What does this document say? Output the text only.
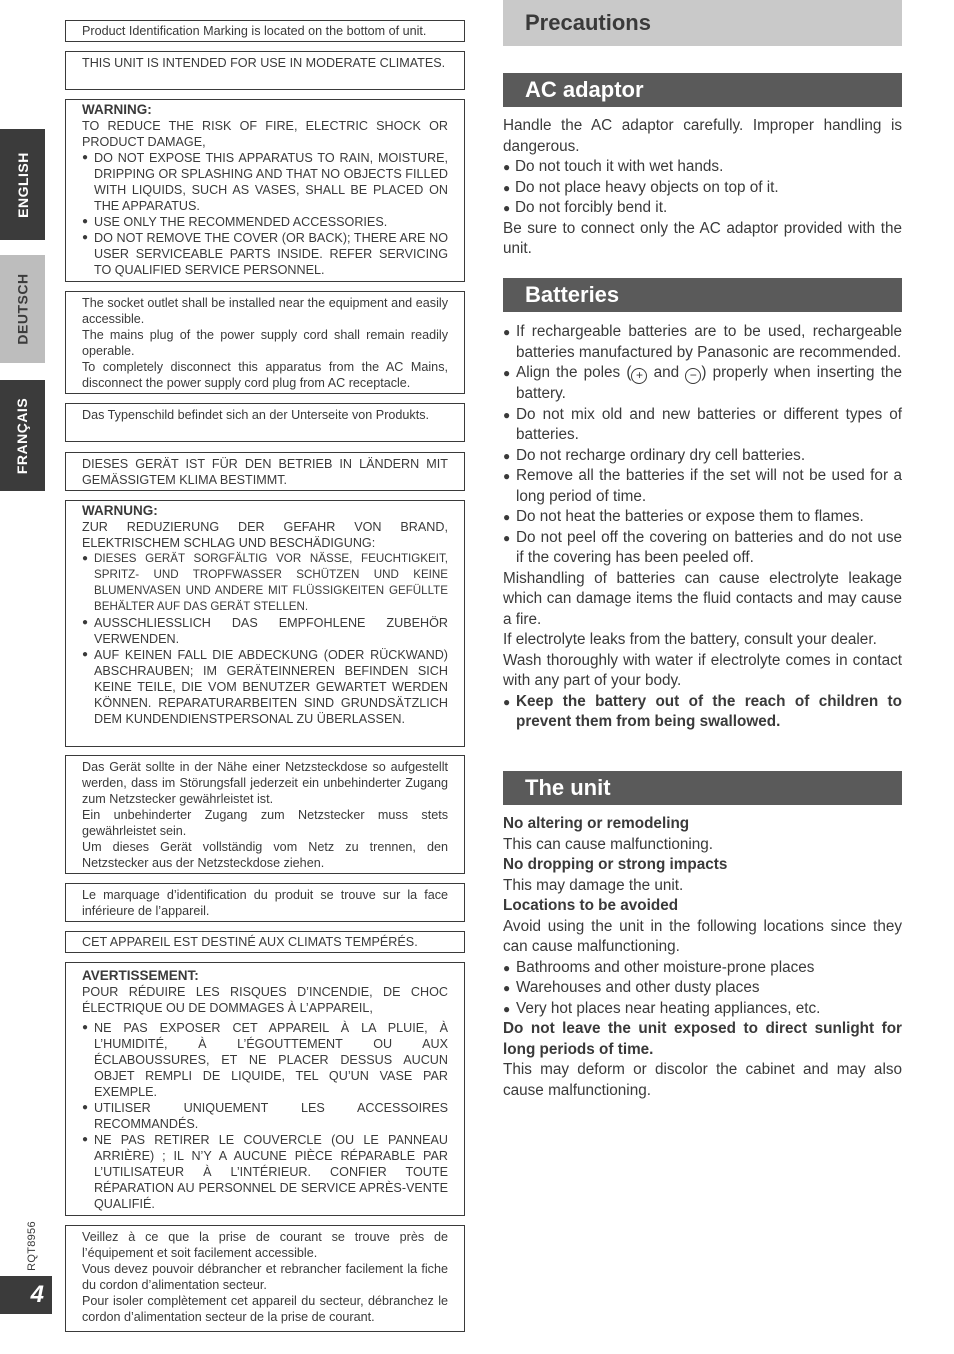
ENGLISH
DEUTSCH
FRANÇAIS
RQT8956
4

Product Identification Marking is located on the bottom of unit.

THIS UNIT IS INTENDED FOR USE IN MODERATE CLIMATES.

WARNING:

TO REDUCE THE RISK OF FIRE, ELECTRIC SHOCK OR PRODUCT DAMAGE,

● DO NOT EXPOSE THIS APPARATUS TO RAIN, MOISTURE, DRIPPING OR SPLASHING AND THAT NO OBJECTS FILLED WITH LIQUIDS, SUCH AS VASES, SHALL BE PLACED ON THE APPARATUS.

● USE ONLY THE RECOMMENDED ACCESSORIES.

● DO NOT REMOVE THE COVER (OR BACK); THERE ARE NO USER SERVICEABLE PARTS INSIDE. REFER SERVICING TO QUALIFIED SERVICE PERSONNEL.

The socket outlet shall be installed near the equipment and easily accessible.

The mains plug of the power supply cord shall remain readily operable.

To completely disconnect this apparatus from the AC Mains, disconnect the power supply cord plug from AC receptacle.

Das Typenschild befindet sich an der Unterseite von Produkts.

DIESES GERÄT IST FÜR DEN BETRIEB IN LÄNDERN MIT GEMÄSSIGTEM KLIMA BESTIMMT.

WARNUNG:

ZUR REDUZIERUNG DER GEFAHR VON BRAND, ELEKTRISCHEM SCHLAG UND BESCHÄDIGUNG:

● DIESES GERÄT SORGFÄLTIG VOR NÄSSE, FEUCHTIGKEIT, SPRITZ- UND TROPFWASSER SCHÜTZEN UND KEINE BLUMENVASEN UND ANDERE MIT FLÜSSIGKEITEN GEFÜLLTE BEHÄLTER AUF DAS GERÄT STELLEN.

● AUSSCHLIESSLICH DAS EMPFOHLENE ZUBEHÖR VERWENDEN.

● AUF KEINEN FALL DIE ABDECKUNG (ODER RÜCKWAND) ABSCHRAUBEN; IM GERÄTEINNEREN BEFINDEN SICH KEINE TEILE, DIE VOM BENUTZER GEWARTET WERDEN KÖNNEN. REPARATURARBEITEN SIND GRUNDSÄTZLICH DEM KUNDENDIENSTPERSONAL ZU ÜBERLASSEN.

Das Gerät sollte in der Nähe einer Netzsteckdose so aufgestellt werden, dass im Störungsfall jederzeit ein unbehinderter Zugang zum Netzstecker gewährleistet ist.

Ein unbehinderter Zugang zum Netzstecker muss stets gewährleistet sein.

Um dieses Gerät vollständig vom Netz zu trennen, den Netzstecker aus der Netzsteckdose ziehen.

Le marquage d’identification du produit se trouve sur la face inférieure de l’appareil.

CET APPAREIL EST DESTINÉ AUX CLIMATS TEMPÉRÉS.

AVERTISSEMENT:

POUR RÉDUIRE LES RISQUES D’INCENDIE, DE CHOC ÉLECTRIQUE OU DE DOMMAGES À L’APPAREIL,

● NE PAS EXPOSER CET APPAREIL À LA PLUIE, À L’HUMIDITÉ, À L’ÉGOUTTEMENT OU AUX ÉCLABOUSSURES, ET NE PLACER DESSUS AUCUN OBJET REMPLI DE LIQUIDE, TEL QU’UN VASE PAR EXEMPLE.

● UTILISER UNIQUEMENT LES ACCESSOIRES RECOMMANDÉS.

● NE PAS RETIRER LE COUVERCLE (OU LE PANNEAU ARRIÈRE) ; IL N’Y A AUCUNE PIÈCE RÉPARABLE PAR L’UTILISATEUR À L’INTÉRIEUR. CONFIER TOUTE RÉPARATION AU PERSONNEL DE SERVICE APRÈS-VENTE QUALIFIÉ.

Veillez à ce que la prise de courant se trouve près de l’équipement et soit facilement accessible.

Vous devez pouvoir débrancher et rebrancher facilement la fiche du cordon d’alimentation secteur.

Pour isoler complètement cet appareil du secteur, débranchez le cordon d’alimentation secteur de la prise de courant.

Precautions
AC adaptor
Batteries
The unit

Handle the AC adaptor carefully. Improper handling is dangerous.

● Do not touch it with wet hands.

● Do not place heavy objects on top of it.

● Do not forcibly bend it.

Be sure to connect only the AC adaptor provided with the unit.

● If rechargeable batteries are to be used, rechargeable batteries manufactured by Panasonic are recommended.

● Align the poles ( + and − ) properly when inserting the battery.

● Do not mix old and new batteries or different types of batteries.

● Do not recharge ordinary dry cell batteries.

● Remove all the batteries if the set will not be used for a long period of time.

● Do not heat the batteries or expose them to flames.

● Do not peel off the covering on batteries and do not use if the covering has been peeled off.

Mishandling of batteries can cause electrolyte leakage which can damage items the fluid contacts and may cause a fire.

If electrolyte leaks from the battery, consult your dealer.

Wash thoroughly with water if electrolyte comes in contact with any part of your body.

● Keep the battery out of the reach of children to prevent them from being swallowed.

No altering or remodeling

This can cause malfunctioning.

No dropping or strong impacts

This may damage the unit.

Locations to be avoided

Avoid using the unit in the following locations since they can cause malfunctioning.

● Bathrooms and other moisture-prone places

● Warehouses and other dusty places

● Very hot places near heating appliances, etc.

Do not leave the unit exposed to direct sunlight for long periods of time.

This may deform or discolor the cabinet and may also cause malfunctioning.
